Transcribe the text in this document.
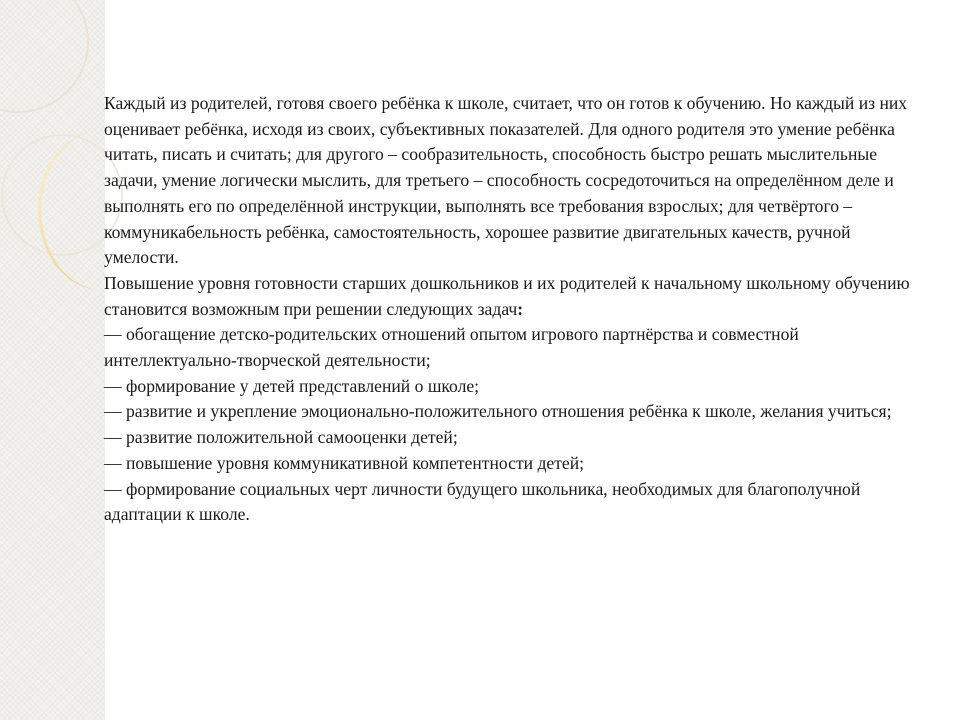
Каждый из родителей, готовя своего ребёнка к школе, считает, что он готов к обучению. Но каждый из них оценивает ребёнка, исходя из своих, субъективных показателей. Для одного родителя это умение ребёнка читать, писать и считать; для другого – сообразительность, способность быстро решать мыслительные задачи, умение логически мыслить, для третьего – способность сосредоточиться на определённом деле и выполнять его по определённой инструкции, выполнять все требования взрослых; для четвёртого – коммуникабельность ребёнка, самостоятельность, хорошее развитие двигательных качеств, ручной умелости.

Повышение уровня готовности старших дошкольников и их родителей к начальному школьному обучению становится возможным при решении следующих задач:

— обогащение детско-родительских отношений опытом игрового партнёрства и совместной интеллектуально-творческой деятельности;
— формирование у детей представлений о школе;
— развитие и укрепление эмоционально-положительного отношения ребёнка к школе, желания учиться;
— развитие положительной самооценки детей;
— повышение уровня коммуникативной компетентности детей;
— формирование социальных черт личности будущего школьника, необходимых для благополучной адаптации к школе.
